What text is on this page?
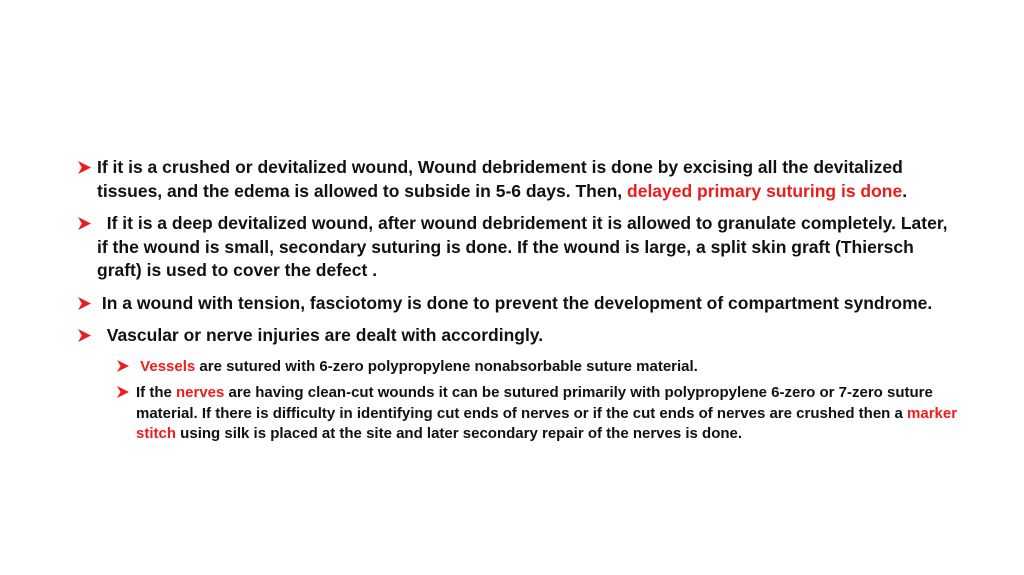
If it is a crushed or devitalized wound, Wound debridement is done by excising all the devitalized tissues, and the edema is allowed to subside in 5-6 days. Then, delayed primary suturing is done.
If it is a deep devitalized wound, after wound debridement it is allowed to granulate completely. Later, if the wound is small, secondary suturing is done. If the wound is large, a split skin graft (Thiersch graft) is used to cover the defect .
In a wound with tension, fasciotomy is done to prevent the development of compartment syndrome.
Vascular or nerve injuries are dealt with accordingly.
Vessels are sutured with 6-zero polypropylene nonabsorbable suture material.
If the nerves are having clean-cut wounds it can be sutured primarily with polypropylene 6-zero or 7-zero suture material. If there is difficulty in identifying cut ends of nerves or if the cut ends of nerves are crushed then a marker stitch using silk is placed at the site and later secondary repair of the nerves is done.
